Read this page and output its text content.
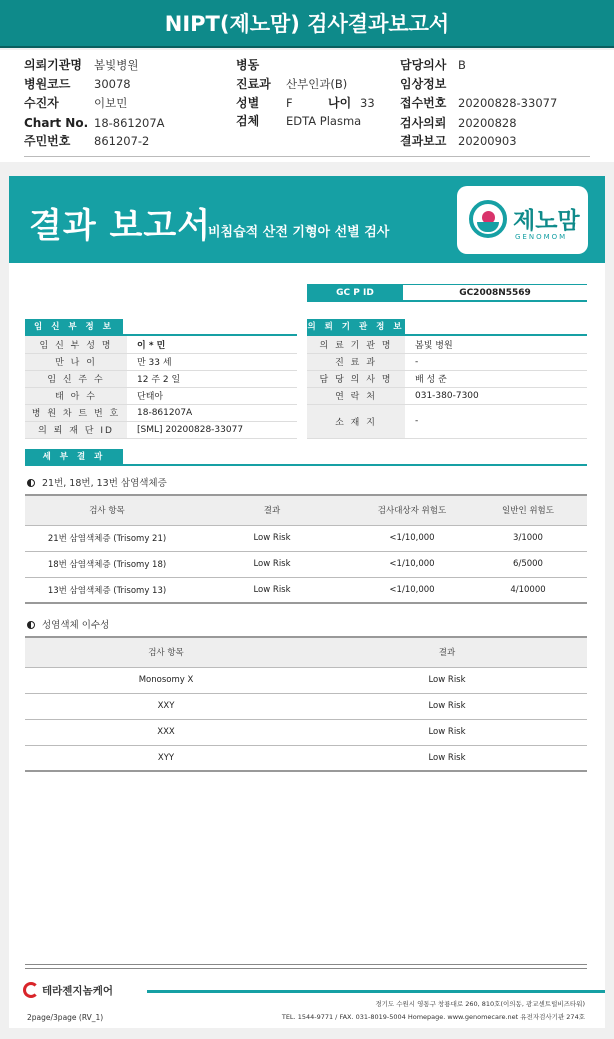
NIPT(제노맘) 검사결과보고서
의뢰기관명 봄빛병원
병원코드 30078
수진자	이보민
Chart No. 18-861207A
주민번호 861207-2
병동
진료과 산부인과(B)
성별 F	나이 33
검체 EDTA Plasma
담당의사 B
임상정보
접수번호 20200828-33077
검사의뢰 20200828
결과보고 20200903
결과 보고서
비침습적 산전 기형아 선별 검사	제노맘
GENOMOM
GC P ID	GC2008N5569
임 신 부 정 보
임 신 부 성 명	이 * 민
만 나 이	만 33 세
임 신 주 수	12 주 2 일
태 아 수	단태아
병 원 차 트 번 호	18-861207A
의 뢰 재 단 ID	[SML] 20200828-33077
의 뢰 기 관 정 보
의 료 기 관 명	봄빛 병원
진 료 과	-
담 당 의 사 명	배 성 준
연 락 처	031-380-7300
소 재 지	-
세 부 결 과
21번, 18번, 13번 삼염색체증
검사 항목	결과	검사대상자 위험도	일반인 위험도
21번 삼염색체증 (Trisomy 21)	Low Risk	<1/10,000	3/1000
18번 삼염색체증 (Trisomy 18)	Low Risk	<1/10,000	6/5000
13번 삼염색체증 (Trisomy 13)	Low Risk	<1/10,000	4/10000
성염색체 이수성
검사 항목	결과
Monosomy X	Low Risk
XXY	Low Risk
XXX	Low Risk
XYY	Low Risk
테라젠지놈케어
경기도 수원시 영통구 창룡대로 260, 810호(이의동, 광교센트럴비즈타워)
2page/3page (RV_1)	TEL. 1544-9771 / FAX. 031-8019-5004 Homepage. www.genomecare.net 유전자검사기관 274호
